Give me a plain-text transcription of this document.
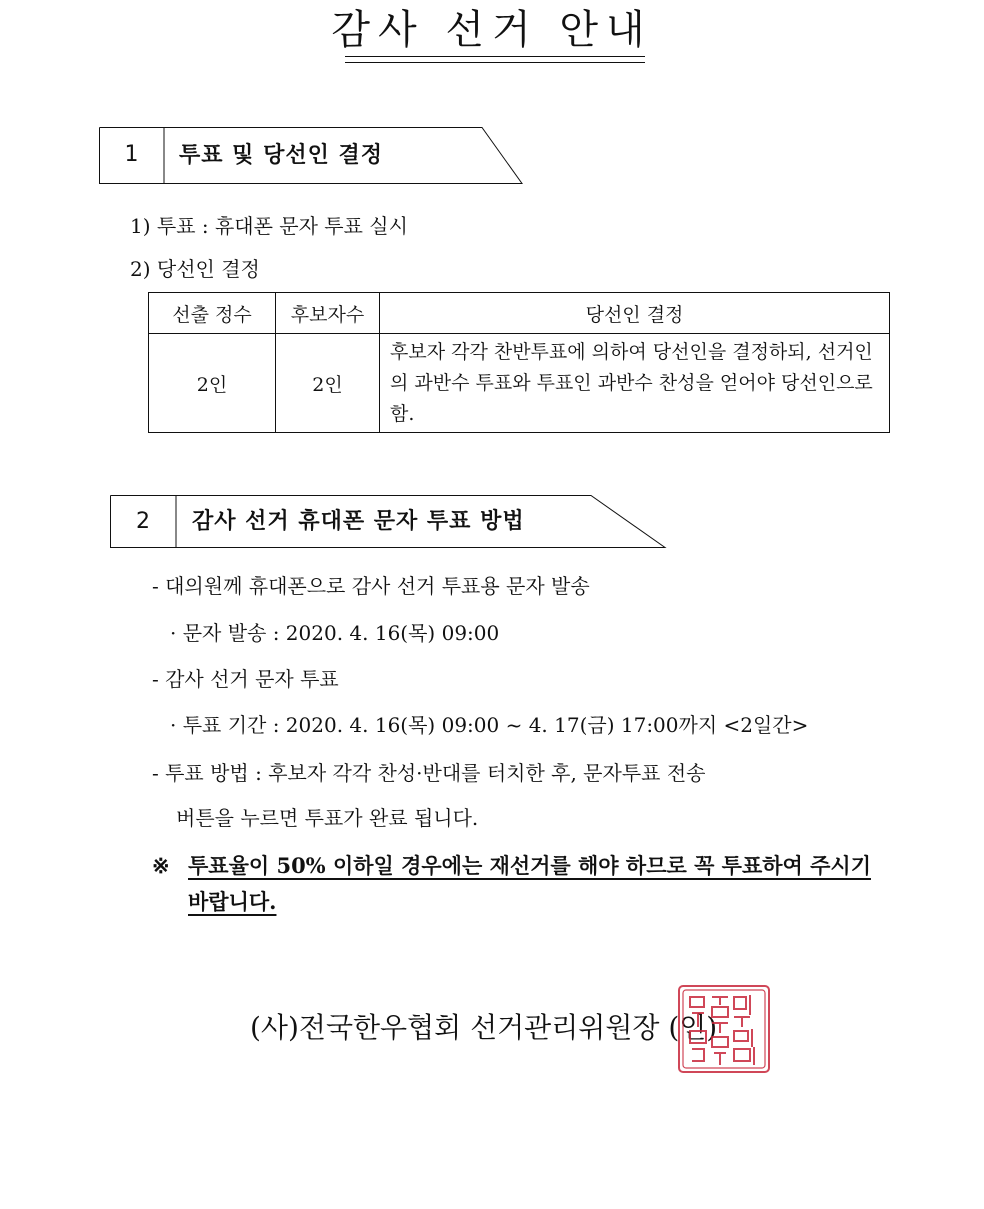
감사 선거 안내
1	투표 및 당선인 결정
1) 투표 : 휴대폰 문자 투표 실시
2) 당선인 결정
선출 정수	후보자수	당선인 결정
2인	2인	후보자 각각 찬반투표에 의하여 당선인을 결정하되, 선거인의 과반수 투표와 투표인 과반수 찬성을 얻어야 당선인으로 함.
2	감사 선거 휴대폰 문자 투표 방법
- 대의원께 휴대폰으로 감사 선거 투표용 문자 발송
· 문자 발송 : 2020. 4. 16(목) 09:00
- 감사 선거 문자 투표
· 투표 기간 : 2020. 4. 16(목) 09:00 ~ 4. 17(금) 17:00까지 <2일간>
- 투표 방법 : 후보자 각각 찬성·반대를 터치한 후, 문자투표 전송
버튼을 누르면 투표가 완료 됩니다.
※ 투표율이 50% 이하일 경우에는 재선거를 해야 하므로 꼭 투표하여 주시기 바랍니다.
(사)전국한우협회 선거관리위원장 (인)
